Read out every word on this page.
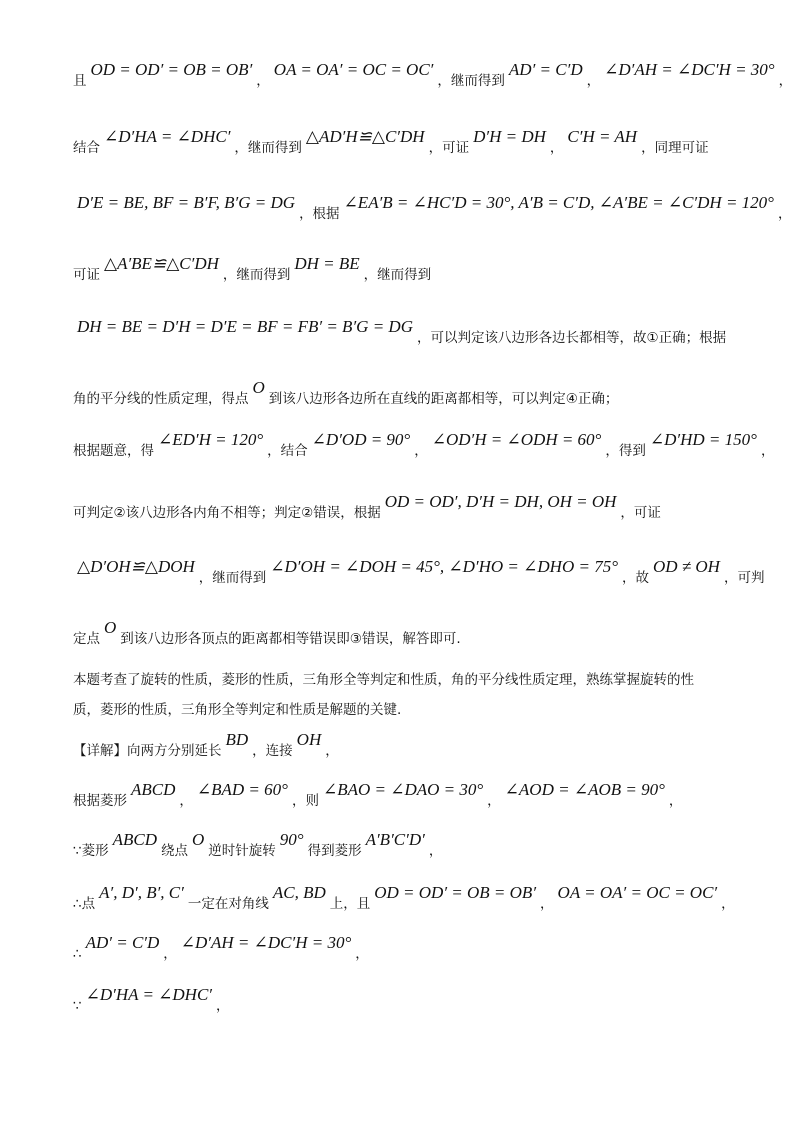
且OD = OD′ = OB = OB′，OA = OA′ = OC = OC′，继而得到AD′ = C′D，∠D′AH = ∠DC′H = 30°，
结合∠D′HA = ∠DHC′，继而得到△AD′H≌△C′DH，可证D′H = DH，C′H = AH，同理可证
D′E = BE, BF = B′F, B′G = DG，根据∠EA′B = ∠HC′D = 30°, A′B = C′D, ∠A′BE = ∠C′DH = 120°，
可证△A′BE≌△C′DH，继而得到DH = BE，继而得到
DH = BE = D′H = D′E = BF = FB′ = B′G = DG，可以判定该八边形各边长都相等，故①正确；根据
角的平分线的性质定理，得点O到该八边形各边所在直线的距离都相等，可以判定④正确；
根据题意，得∠ED′H = 120°，结合∠D′OD = 90°，∠OD′H = ∠ODH = 60°，得到∠D′HD = 150°，
可判定②该八边形各内角不相等；判定②错误，根据OD = OD′, D′H = DH, OH = OH，可证
△D′OH≌△DOH，继而得到∠D′OH = ∠DOH = 45°, ∠D′HO = ∠DHO = 75°，故OD ≠ OH，可判
定点O到该八边形各顶点的距离都相等错误即③错误，解答即可.
本题考查了旋转的性质，菱形的性质，三角形全等判定和性质，角的平分线性质定理，熟练掌握旋转的性
质，菱形的性质，三角形全等判定和性质是解题的关键.
【详解】向两方分别延长BD，连接OH，
根据菱形ABCD，∠BAD = 60°，则∠BAO = ∠DAO = 30°，∠AOD = ∠AOB = 90°，
∵菱形ABCD绕点O逆时针旋转90°得到菱形A′B′C′D′，
∴点A′, D′, B′, C′一定在对角线AC, BD上，且OD = OD′ = OB = OB′，OA = OA′ = OC = OC′，
∴AD′ = C′D，∠D′AH = ∠DC′H = 30°，
∵∠D′HA = ∠DHC′，
